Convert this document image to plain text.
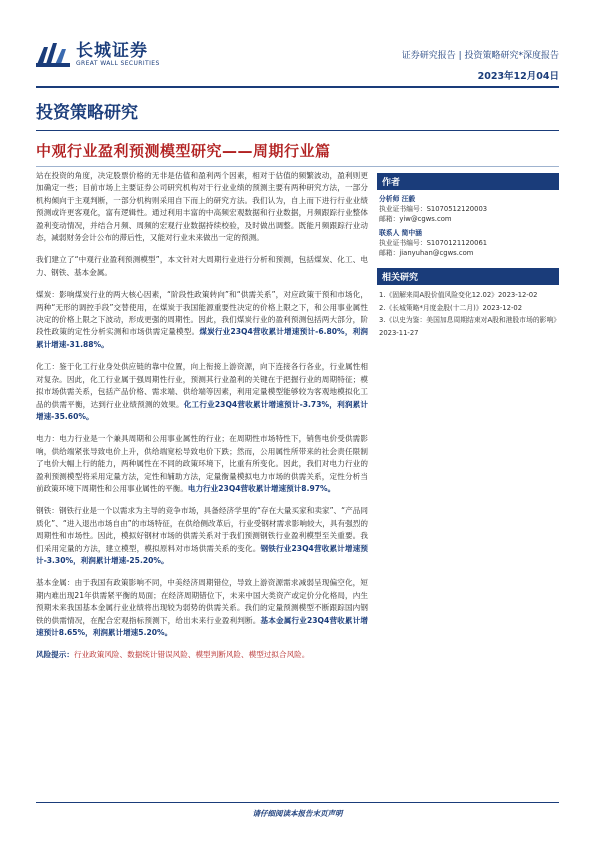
长城证券
GREAT WALL SECURITIES
证券研究报告 | 投资策略研究*深度报告
2023年12月04日
投资策略研究
中观行业盈利预测模型研究——周期行业篇

站在投资的角度，决定股票价格的无非是估值和盈利两个因素，相对于估值的频繁波动，盈利则更加确定一些；目前市场上主要证券公司研究机构对于行业业绩的预测主要有两种研究方法，一部分机构倾向于主观判断，一部分机构则采用自下而上的研究方法。我们认为，自上而下进行行业业绩预测或许更客观化，富有逻辑性。通过利用丰富的中高频宏观数据和行业数据，月频跟踪行业整体盈利变动情况，并结合月频、周频的宏观行业数据持续校验，及时做出调整。既能月频跟踪行业动态，减弱财务会计公布的滞后性，又能对行业未来做出一定的预测。

我们建立了“中观行业盈利预测模型”，本文针对大周期行业进行分析和预测，包括煤炭、化工、电力、钢铁、基本金属。

煤炭：影响煤炭行业的两大核心因素，“阶段性政策转向”和“供需关系”，对应政策干预和市场化，两种“无形的调控手段”交替使用，在煤炭于我国能源重要性决定的价格上限之下，和公用事业属性决定的价格上限之下波动，形成更强的周期性。因此，我们煤炭行业的盈利预测包括两大部分，阶段性政策的定性分析实测和市场供需定量模型。煤炭行业23Q4营收累计增速预计-6.80%，利润累计增速-31.88%。

化工：鉴于化工行业身处供应链的靠中位置，向上衔接上游资源，向下连接各行各业，行业属性相对复杂。因此，化工行业属于强周期性行业，预测其行业盈利的关键在于把握行业的周期特征；模拟市场供需关系，包括产品价格、需求端、供给端等因素，利用定量模型能够较为客观地模拟化工品的供需平衡，达到行业业绩预测的效果。化工行业23Q4营收累计增速预计-3.73%，利润累计增速-35.60%。

电力：电力行业是一个兼具周期和公用事业属性的行业；在周期性市场特性下，销售电价受供需影响，供给端紧张导致电价上升，供给端宽松导致电价下跌；然而，公用属性所带来的社会责任限制了电价大幅上行的能力，两种属性在不同的政策环境下，比重有所变化。因此，我们对电力行业的盈利预测模型将采用定量方法，定性和辅助方法，定量衡量模拟电力市场的供需关系，定性分析当前政策环境下周期性和公用事业属性的平衡。电力行业23Q4营收累计增速预计8.97%。

钢铁：钢铁行业是一个以需求为主导的竞争市场，具备经济学里的“存在大量买家和卖家”、“产品同质化”、“进入退出市场自由”的市场特征，在供给侧改革后，行业受钢材需求影响较大，具有强烈的周期性和市场性。因此，模拟好钢材市场的供需关系对于我们预测钢铁行业盈利模型至关重要。我们采用定量的方法，建立模型，模拟原料对市场供需关系的变化。钢铁行业23Q4营收累计增速预计-3.30%，利润累计增速-25.20%。

基本金属：由于我国有政策影响不同，中美经济周期错位，导致上游资源需求减弱呈现偏空化，短期内难出现21年供需紧平衡的局面；在经济周期错位下，未来中国大类资产或定价分化格局，内生预期未来我国基本金属行业业绩将出现较为弱势的供需关系。我们的定量预测模型不断跟踪国内钢铁的供需情况，在配合宏观指标预测下，给出未来行业盈利判断。基本金属行业23Q4营收累计增速预计8.65%，利润累计增速5.20%。

风险提示：行业政策风险、数据统计错误风险、模型判断风险、模型过拟合风险。
作者
分析师 汪毅
执业证书编号：S1070512120003
邮箱：yiw@cgws.com
联系人 简中涵
执业证书编号：S1070121120061
邮箱：jianyuhan@cgws.com
相关研究
1.《固解来周A股价值风险变化12.02》2023-12-02
2.《长城策略*月度金股(十二月)》2023-12-02
3.《以史为鉴：美国加息周期结束对A股和港股市场的影响》2023-11-27
请仔细阅读本报告末页声明
